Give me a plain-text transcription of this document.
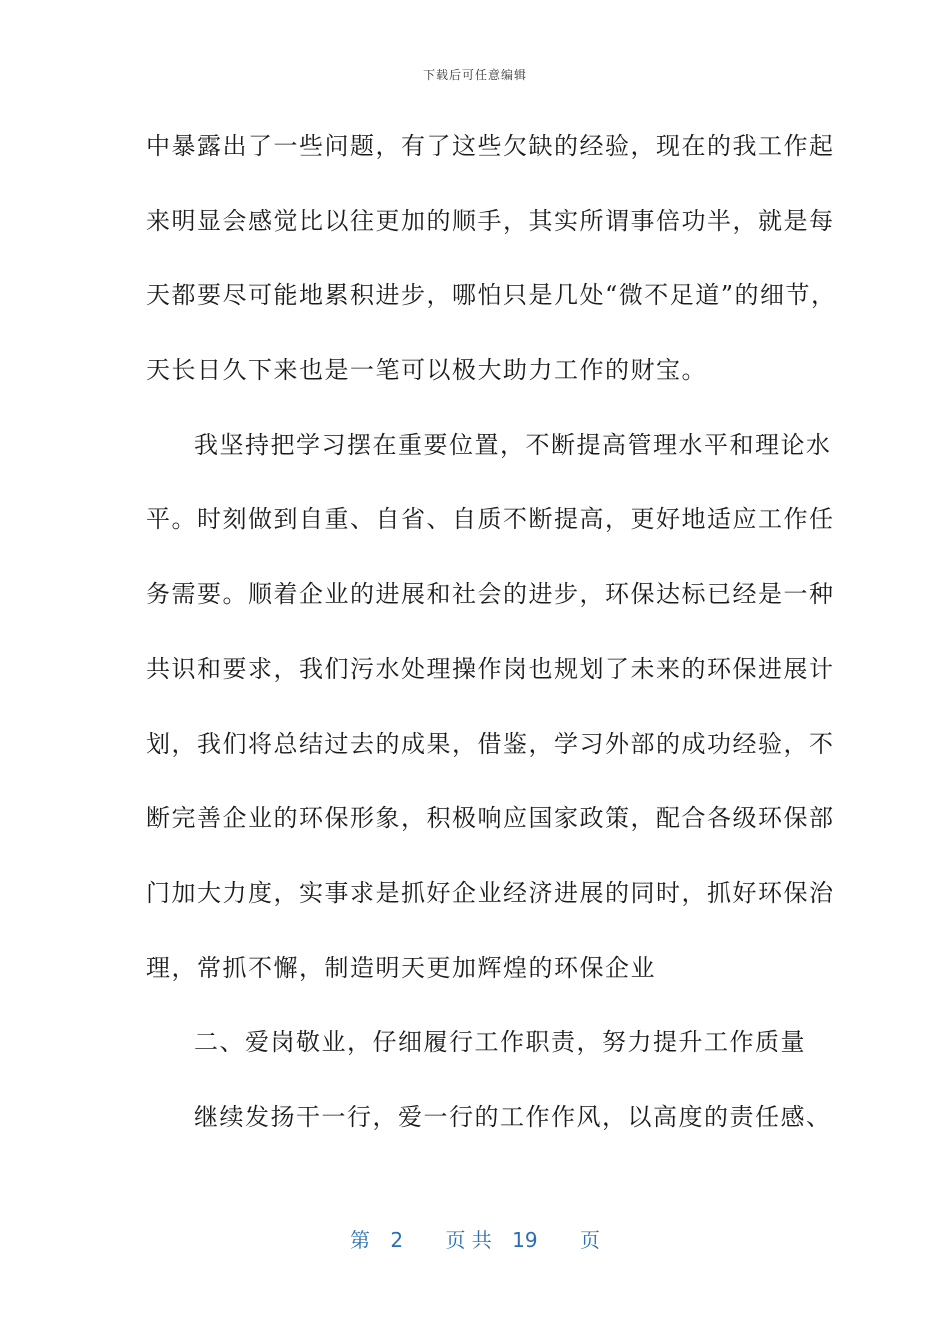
下载后可任意编辑
中暴露出了一些问题，有了这些欠缺的经验，现在的我工作起
来明显会感觉比以往更加的顺手，其实所谓事倍功半，就是每
天都要尽可能地累积进步，哪怕只是几处“微不足道”的细节，
天长日久下来也是一笔可以极大助力工作的财宝。
我坚持把学习摆在重要位置，不断提高管理水平和理论水
平。时刻做到自重、自省、自质不断提高，更好地适应工作任
务需要。顺着企业的进展和社会的进步，环保达标已经是一种
共识和要求，我们污水处理操作岗也规划了未来的环保进展计
划，我们将总结过去的成果，借鉴，学习外部的成功经验，不
断完善企业的环保形象，积极响应国家政策，配合各级环保部
门加大力度，实事求是抓好企业经济进展的同时，抓好环保治
理，常抓不懈，制造明天更加辉煌的环保企业
二、爱岗敬业，仔细履行工作职责，努力提升工作质量
继续发扬干一行，爱一行的工作作风，以高度的责任感、
第 2 页 共 19 页
